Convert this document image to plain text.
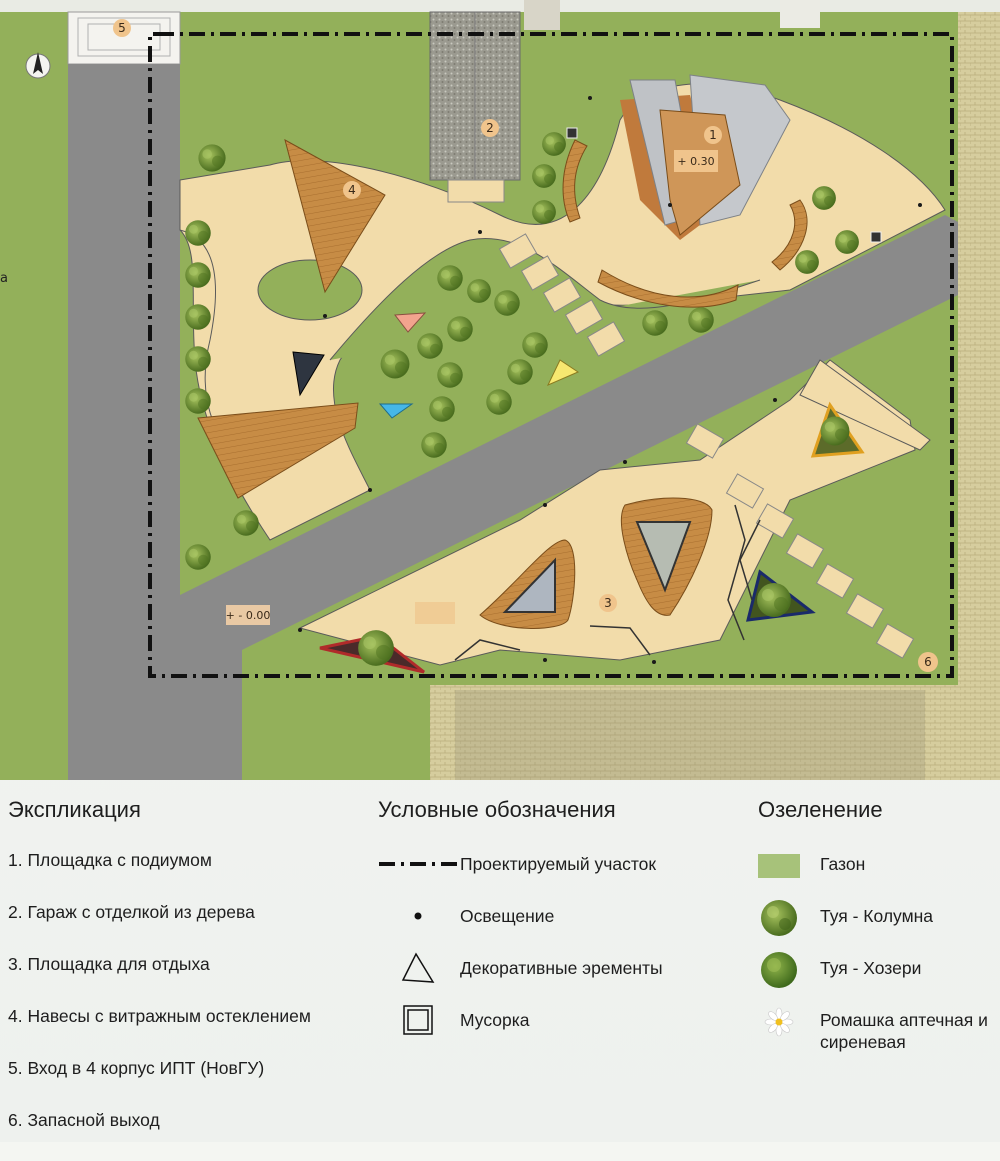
5
а
2
4
1
+ 0.30
3
+ - 0.00
6
Экспликация
1. Площадка с подиумом
2. Гараж с отделкой из дерева
3. Площадка для отдыха
4. Навесы с витражным остеклением
5. Вход в 4 корпус ИПТ (НовГУ)
6. Запасной выход
Условные обозначения
Проектируемый участок
Освещение
Декоративные эременты
Мусорка
Озеленение
Газон
Туя - Колумна
Туя - Хозери
Ромашка аптечная и сиреневая
